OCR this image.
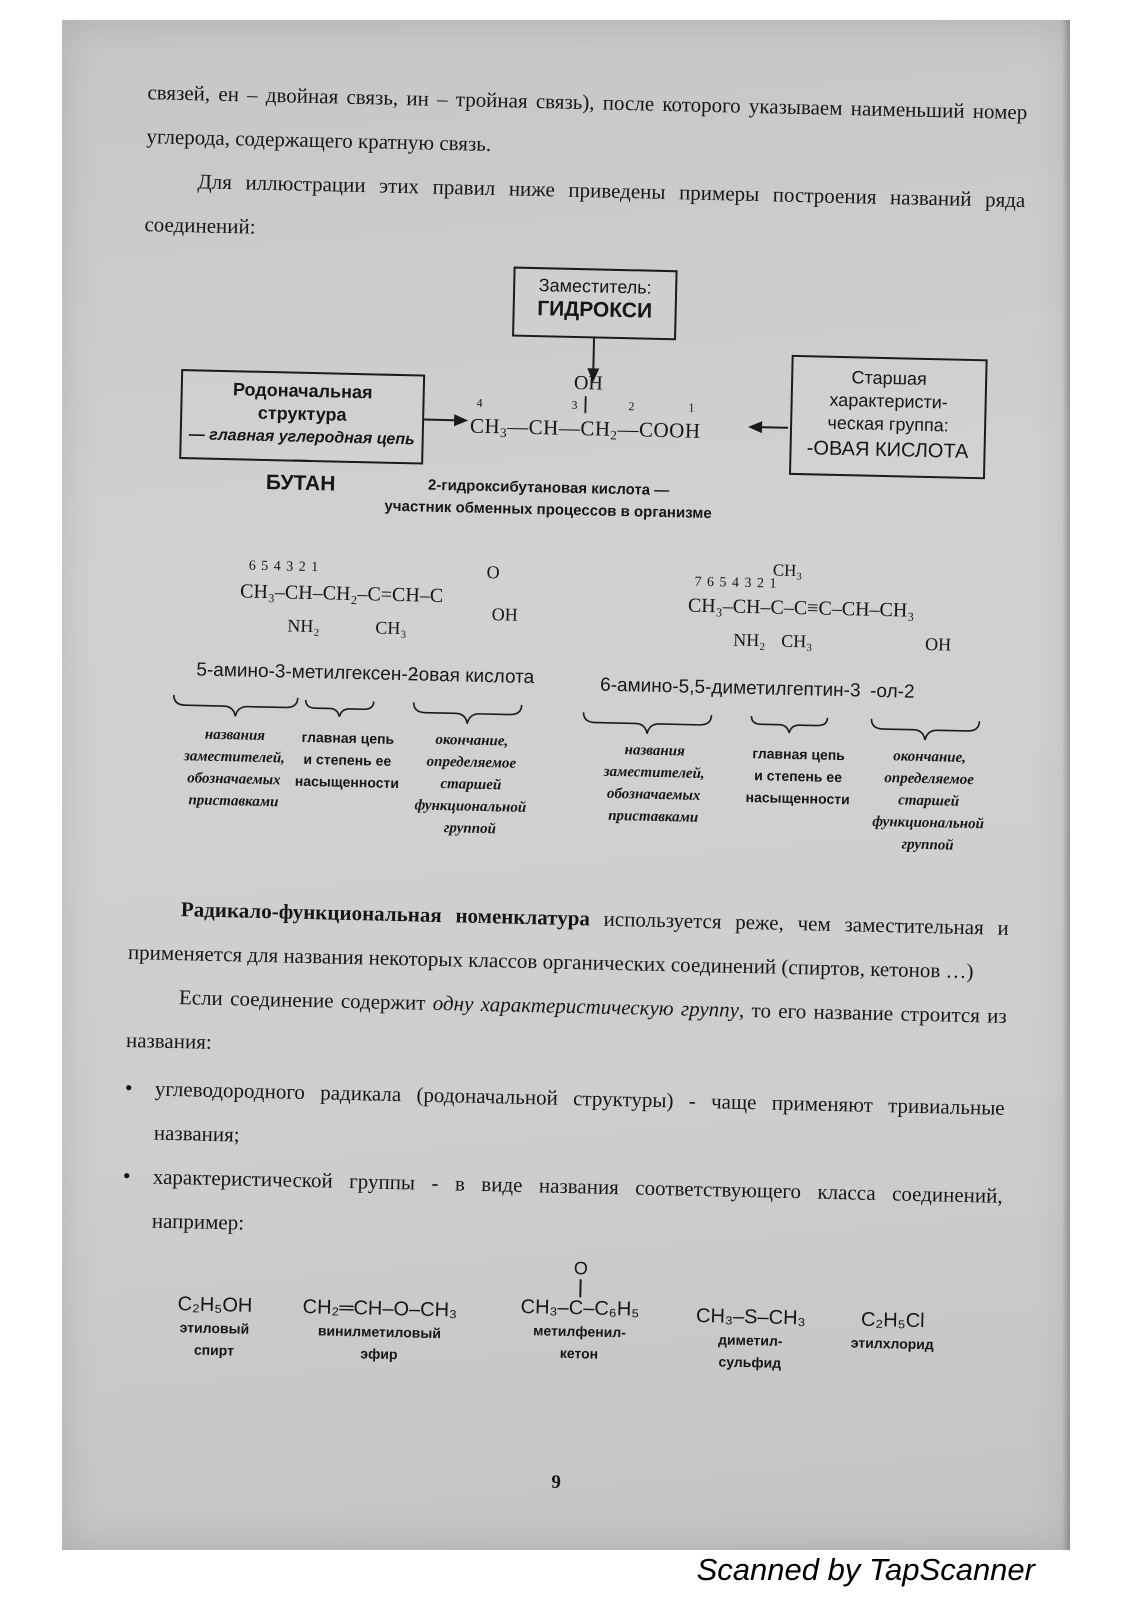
связей, ен – двойная связь, ин – тройная связь), после которого указываем наименьший номер углерода, содержащего кратную связь.

Для иллюстрации этих правил ниже приведены примеры построения названий ряда соединений:

Заместитель:
ГИДРОКСИ
Родоначальная структура
— главная углеродная цепь —
БУТАН
Старшая
характеристи-
ческая группа:
-ОВАЯ КИСЛОТА
OH
4	3	2	1
$CH_3—CH—CH_2—COOH$
2-гидроксибутановая кислота —
участник обменных процессов в организме
6 5 4 3 2 1	O
CH₃–CH–CH₂–C=CH–C
OH
NH₂	CH₃
5-амино-3-метилгексен-2
-овая кислота
CH₃
7 6 5 4 3 2 1
CH₃–CH–C–C≡C–CH–CH₃
NH₂ CH₃	OH
6-амино-5,5-диметилгептин-3 -ол-2
названия
заместителей,
обозначаемых
приставками
главная цепь
и степень ее
насыщенности
окончание,
определяемое
старшей
функциональной
группой
названия
заместителей,
обозначаемых
приставками
главная цепь
и степень ее
насыщенности
окончание,
определяемое
старшей
функциональной
группой

Радикало-функциональная номенклатура используется реже, чем заместительная и применяется для названия некоторых классов органических соединений (спиртов, кетонов …)

Если соединение содержит одну характеристическую группу, то его название строится из названия:

• углеводородного радикала (родоначальной структуры) - чаще применяют тривиальные названия;
• характеристической группы - в виде названия соответствующего класса соединений, например:
C₂H₅OH
этиловый
спирт
CH₂═CH–O–CH₃
винилметиловый
эфир
O
CH₃–C–C₆H₅
метилфенил-
кетон
CH₃–S–CH₃
диметил-
сульфид
C₂H₅Cl
этилхлорид
9
Scanned by TapScanner
